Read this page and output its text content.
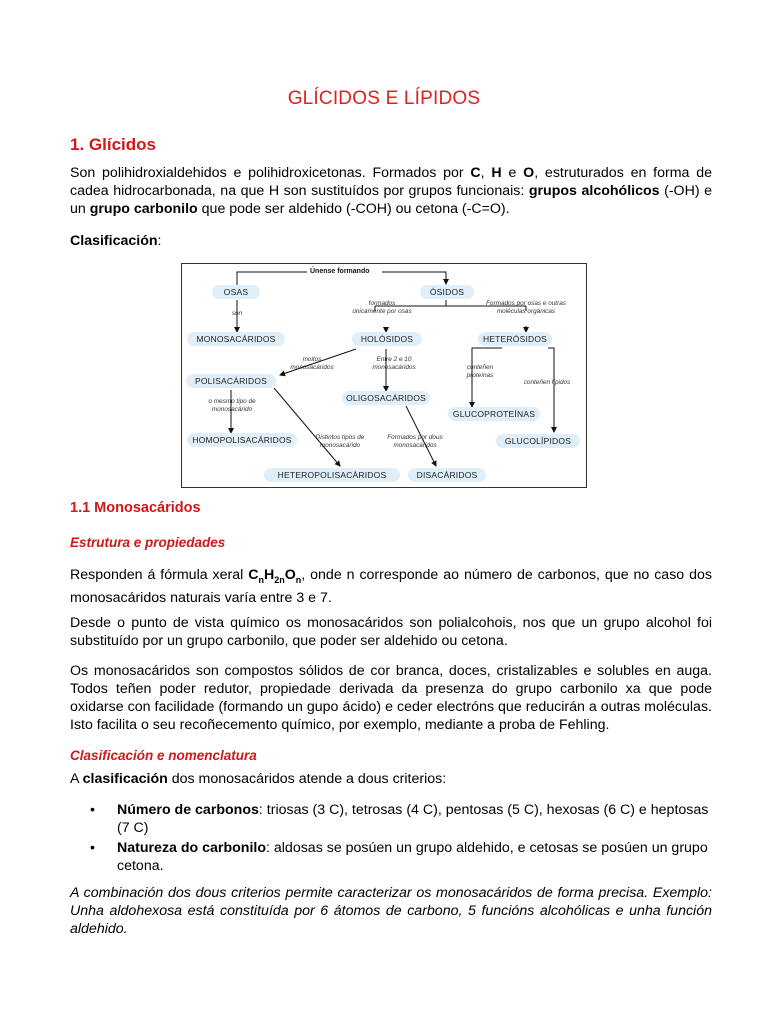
GLÍCIDOS E LÍPIDOS
1. Glícidos
Son polihidroxialdehidos e polihidroxicetonas. Formados por C, H e O, estruturados en forma de cadea hidrocarbonada, na que H son sustituídos por grupos funcionais: grupos alcohólicos (-OH) e un grupo carbonilo que pode ser aldehido (-COH) ou cetona (-C=O).
Clasificación:
Únense formando
OSAS	ÓSIDOS
son
formados
únicamente por osas
Formados por osas e outras
moléculas orgánicas
MONOSACÁRIDOS	HOLÓSIDOS	HETERÓSIDOS
moitos
monosacáridos
Entre 2 e 10
monosacáridos	conteñen
proteínas
conteñen lípidos
POLISACÁRIDOS
OLIGOSACÁRIDOS
GLUCOPROTEÍNAS
o mesmo tipo de
monosacárido
Distintos tipos de
monosacárido
Formados por dous
monosacáridos
HOMOPOLISACÁRIDOS	GLUCOLÍPIDOS
HETEROPOLISACÁRIDOS	DISACÁRIDOS
1.1 Monosacáridos
Estrutura e propiedades
Responden á fórmula xeral $C_nH_{2n}O_n$, onde n corresponde ao número de carbonos, que no caso dos monosacáridos naturais varía entre 3 e 7.
Desde o punto de vista químico os monosacáridos son polialcohois, nos que un grupo alcohol foi substituído por un grupo carbonilo, que poder ser aldehido ou cetona.
Os monosacáridos son compostos sólidos de cor branca, doces, cristalizables e solubles en auga. Todos teñen poder redutor, propiedade derivada da presenza do grupo carbonilo xa que pode oxidarse con facilidade (formando un gupo ácido) e ceder electróns que reducirán a outras moléculas. Isto facilita o seu recoñecemento químico, por exemplo, mediante a proba de Fehling.
Clasificación e nomenclatura
A clasificación dos monosacáridos atende a dous criterios:
• Número de carbonos: triosas (3 C), tetrosas (4 C), pentosas (5 C), hexosas (6 C) e heptosas (7 C)
• Natureza do carbonilo: aldosas se posúen un grupo aldehido, e cetosas se posúen un grupo cetona.
A combinación dos dous criterios permite caracterizar os monosacáridos de forma precisa. Exemplo: Unha aldohexosa está constituída por 6 átomos de carbono, 5 funcións alcohólicas e unha función aldehido.
